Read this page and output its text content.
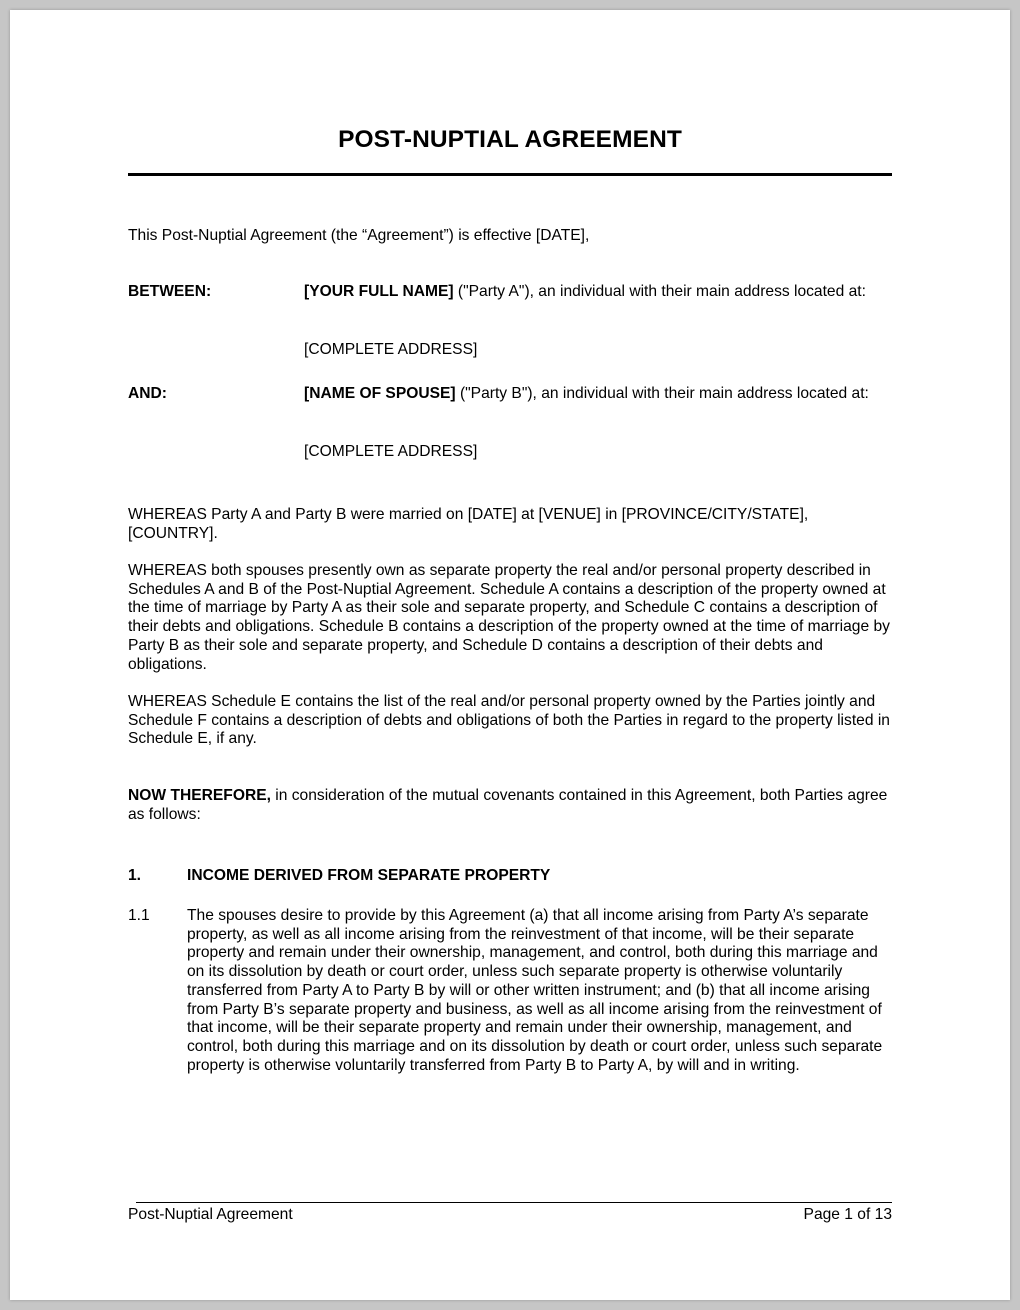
POST-NUPTIAL AGREEMENT

This Post-Nuptial Agreement (the “Agreement”) is effective [DATE],

BETWEEN:	[YOUR FULL NAME] ("Party A"), an individual with their main address located at:
[COMPLETE ADDRESS]
AND:	[NAME OF SPOUSE] ("Party B"), an individual with their main address located at:
[COMPLETE ADDRESS]

WHEREAS Party A and Party B were married on [DATE] at [VENUE] in [PROVINCE/CITY/STATE], [COUNTRY].

WHEREAS both spouses presently own as separate property the real and/or personal property described in Schedules A and B of the Post-Nuptial Agreement. Schedule A contains a description of the property owned at the time of marriage by Party A as their sole and separate property, and Schedule C contains a description of their debts and obligations. Schedule B contains a description of the property owned at the time of marriage by Party B as their sole and separate property, and Schedule D contains a description of their debts and obligations.

WHEREAS Schedule E contains the list of the real and/or personal property owned by the Parties jointly and Schedule F contains a description of debts and obligations of both the Parties in regard to the property listed in Schedule E, if any.

NOW THEREFORE, in consideration of the mutual covenants contained in this Agreement, both Parties agree as follows:

1.	INCOME DERIVED FROM SEPARATE PROPERTY
1.1 The spouses desire to provide by this Agreement (a) that all income arising from Party A’s separate property, as well as all income arising from the reinvestment of that income, will be their separate property and remain under their ownership, management, and control, both during this marriage and on its dissolution by death or court order, unless such separate property is otherwise voluntarily transferred from Party A to Party B by will or other written instrument; and (b) that all income arising from Party B’s separate property and business, as well as all income arising from the reinvestment of that income, will be their separate property and remain under their ownership, management, and control, both during this marriage and on its dissolution by death or court order, unless such separate property is otherwise voluntarily transferred from Party B to Party A, by will and in writing.
Post-Nuptial Agreement	Page 1 of 13
